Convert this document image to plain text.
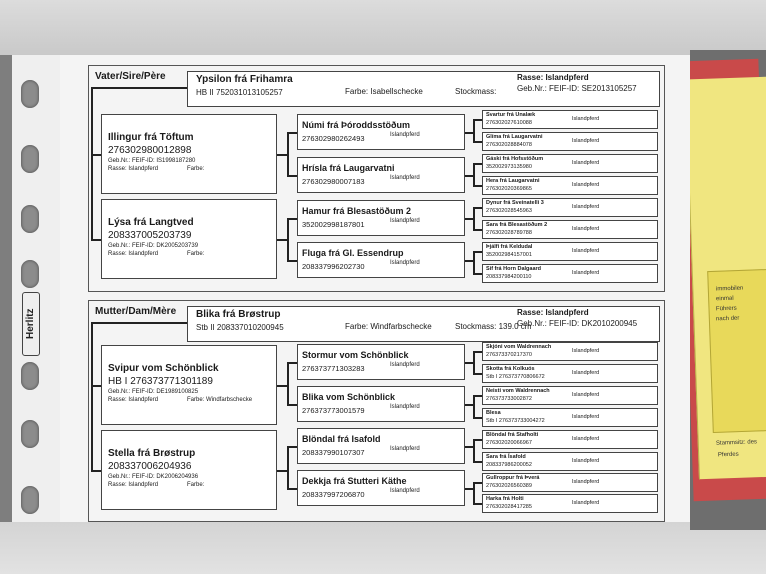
Stammsitz: des
Pferdes
immobilen
einmal
Führers
nach der
Herlitz
Vater/Sire/Père	Ypsilon frá Frihamra
HB II 752031013105257	Farbe: Isabellschecke	Stockmass:
Rasse: Islandpferd
Geb.Nr.: FEIF-ID: SE2013105257
Illingur frá Töftum
276302980012898
Geb.Nr.: FEIF-ID: IS1998187280
Rasse: Islandpferd	Farbe:
Lýsa frá Langtved
208337005203739
Geb.Nr.: FEIF-ID: DK2005203739
Rasse: Islandpferd	Farbe:
Númi frá Þóroddsstöðum
276302980262493	Islandpferd
Hrísla frá Laugarvatni
276302980007183	Islandpferd
Hamur frá Blesastöðum 2
352002998187801	Islandpferd
Fluga frá Gl. Essendrup
208337996202730	Islandpferd
Svartur frá Unalæk
276302027610088
Islandpferd
Glíma frá Laugarvatni
276302028884078
Islandpferd
Gáski frá Hofsstöðum
352002973135980
Islandpferd
Hera frá Laugarvatni
276302020369865
Islandpferd
Dynur frá Sveinatelli 3
276302028545963
Islandpferd
Sara frá Blesastöðum 2
276302028789788
Islandpferd
Þjálfi frá Keldudal
352002984157001
Islandpferd
Sif frá Horn Dalgaard
208337984200110
Islandpferd
Mutter/Dam/Mère Blika frá Brøstrup
Stb II 208337010200945	Farbe: Windfarbschecke	Stockmass: 139.0 cm
Rasse: Islandpferd
Geb.Nr.: FEIF-ID: DK2010200945
Svipur vom Schönblick
HB I 276373771301189
Geb.Nr.: FEIF-ID: DE1989100825
Rasse: Islandpferd	Farbe: Windfarbschecke
Stella frá Brøstrup
208337006204936
Geb.Nr.: FEIF-ID: DK2006204936
Rasse: Islandpferd	Farbe:
Stormur vom Schönblick
276373771303283	Islandpferd
Blika vom Schönblick
276373773001579	Islandpferd
Blöndal frá Isafold
208337990107307	Islandpferd
Dekkja frá Stutteri Käthe
208337997206870	Islandpferd
Skjóni vom Waldrennach
276373370217370
Islandpferd
Skotta frá Kolkuós
Stb I 276373770806672
Islandpferd
Neisti vom Waldrennach
276373733002872
Islandpferd
Blesa
Stb I 276373733004272
Islandpferd
Blöndal frá Stafholti
276302020066967
Islandpferd
Sara frá Ísafold
208337986200052
Islandpferd
Gullroppur frá Þverá
276302026560389
Islandpferd
Harka frá Holti
276302028417285
Islandpferd
